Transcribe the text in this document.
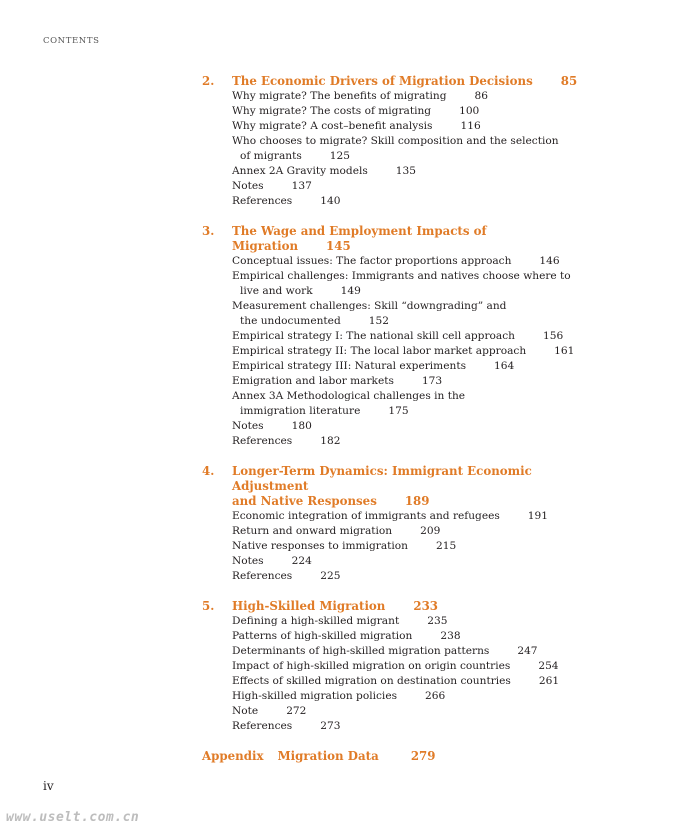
CONTENTS
2.	The Economic Drivers of Migration Decisions 85
Why migrate? The benefits of migrating	86
Why migrate? The costs of migrating	100
Why migrate? A cost–benefit analysis	116
Who chooses to migrate? Skill composition and the selection
of migrants	125
Annex 2A Gravity models	135
Notes	137
References	140
3.	The Wage and Employment Impacts of Migration 145
Conceptual issues: The factor proportions approach	146
Empirical challenges: Immigrants and natives choose where to
live and work	149
Measurement challenges: Skill “downgrading” and
the undocumented	152
Empirical strategy I: The national skill cell approach	156
Empirical strategy II: The local labor market approach	161
Empirical strategy III: Natural experiments	164
Emigration and labor markets	173
Annex 3A Methodological challenges in the
immigration literature	175
Notes	180
References	182
4.	Longer-Term Dynamics: Immigrant Economic Adjustment
and Native Responses 189
Economic integration of immigrants and refugees	191
Return and onward migration	209
Native responses to immigration	215
Notes	224
References	225
5.	High-Skilled Migration 233
Defining a high-skilled migrant	235
Patterns of high-skilled migration	238
Determinants of high-skilled migration patterns	247
Impact of high-skilled migration on origin countries	254
Effects of skilled migration on destination countries	261
High-skilled migration policies	266
Note	272
References	273
Appendix Migration Data	279
iv
www.uselt.com.cn
